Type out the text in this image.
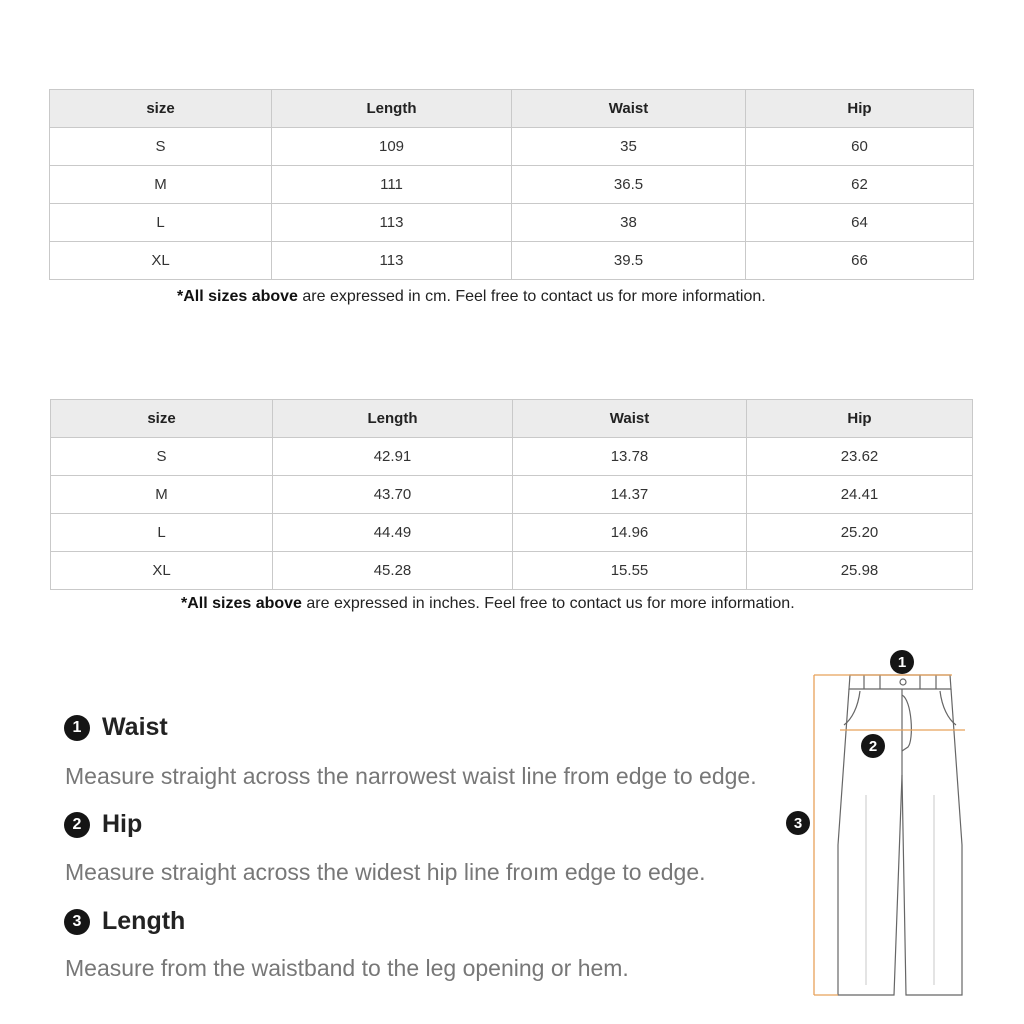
size	Length	Waist	Hip
S	109	35	60
M	111	36.5	62
L	113	38	64
XL	113	39.5	66
*All sizes above are expressed in cm. Feel free to contact us for more information.
size	Length	Waist	Hip
S	42.91	13.78	23.62
M	43.70	14.37	24.41
L	44.49	14.96	25.20
XL	45.28	15.55	25.98
*All sizes above are expressed in inches. Feel free to contact us for more information.
1 Waist
Measure straight across the narrowest waist line from edge to edge.
2 Hip
Measure straight across the widest hip line froım edge to edge.
3 Length
Measure from the waistband to the leg opening or hem.
1
2
3
